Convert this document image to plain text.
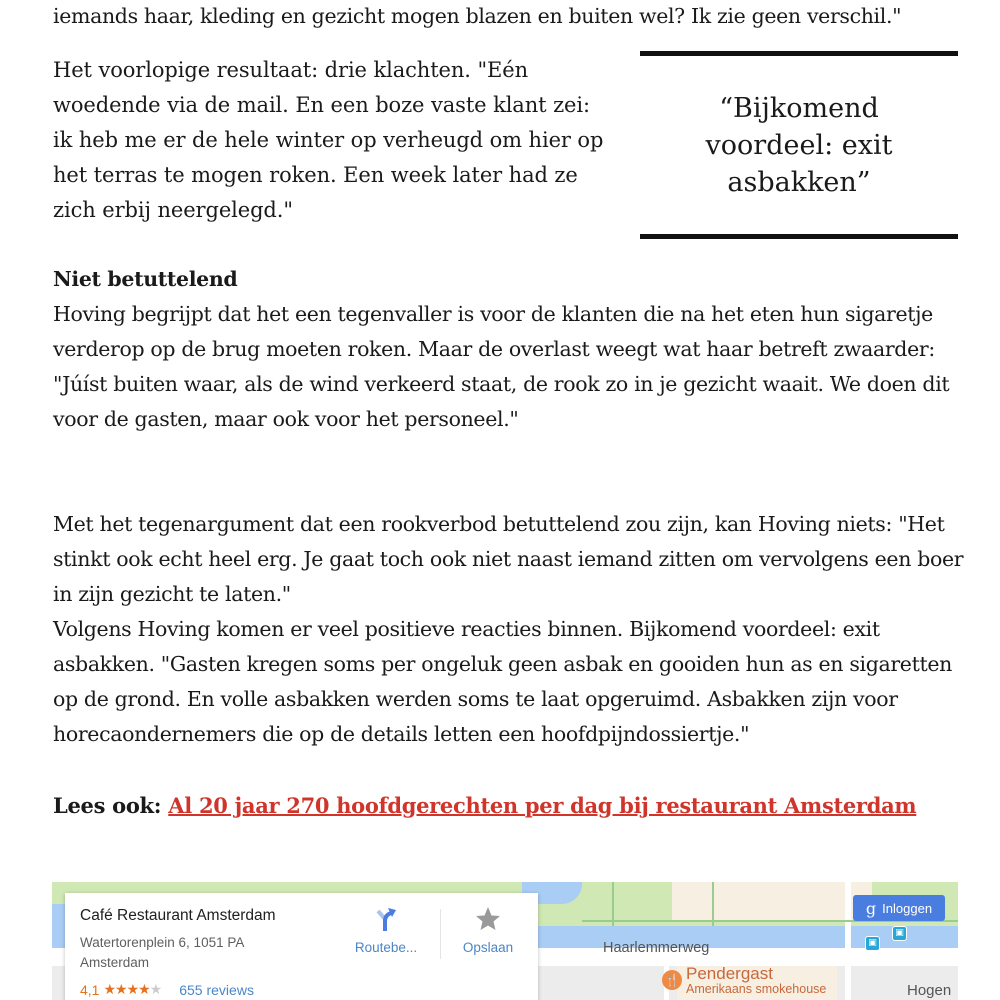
iemands haar, kleding en gezicht mogen blazen en buiten wel? Ik zie geen verschil."

Het voorlopige resultaat: drie klachten. "Eén woedende via de mail. En een boze vaste klant zei: ik heb me er de hele winter op verheugd om hier op het terras te mogen roken. Een week later had ze zich erbij neergelegd."

“Bijkomend voordeel: exit asbakken”

Niet betuttelend

Hoving begrijpt dat het een tegenvaller is voor de klanten die na het eten hun sigaretje verderop op de brug moeten roken. Maar de overlast weegt wat haar betreft zwaarder: "Júíst buiten waar, als de wind verkeerd staat, de rook zo in je gezicht waait. We doen dit voor de gasten, maar ook voor het personeel."

Met het tegenargument dat een rookverbod betuttelend zou zijn, kan Hoving niets: "Het stinkt ook echt heel erg. Je gaat toch ook niet naast iemand zitten om vervolgens een boer in zijn gezicht te laten."

Volgens Hoving komen er veel positieve reacties binnen. Bijkomend voordeel: exit asbakken. "Gasten kregen soms per ongeluk geen asbak en gooiden hun as en sigaretten op de grond. En volle asbakken werden soms te laat opgeruimd. Asbakken zijn voor horecaondernemers die op de details letten een hoofdpijndossiertje."

Lees ook: Al 20 jaar 270 hoofdgerechten per dag bij restaurant Amsterdam

Haarlemmerweg
Hogen
🍴 Pendergast
Amerikaans smokehouse
▣
▣
g Inloggen
Café Restaurant Amsterdam
Watertorenplein 6, 1051 PA Amsterdam
4,1 ★★★★★ 655 reviews
Routebe...	Opslaan
